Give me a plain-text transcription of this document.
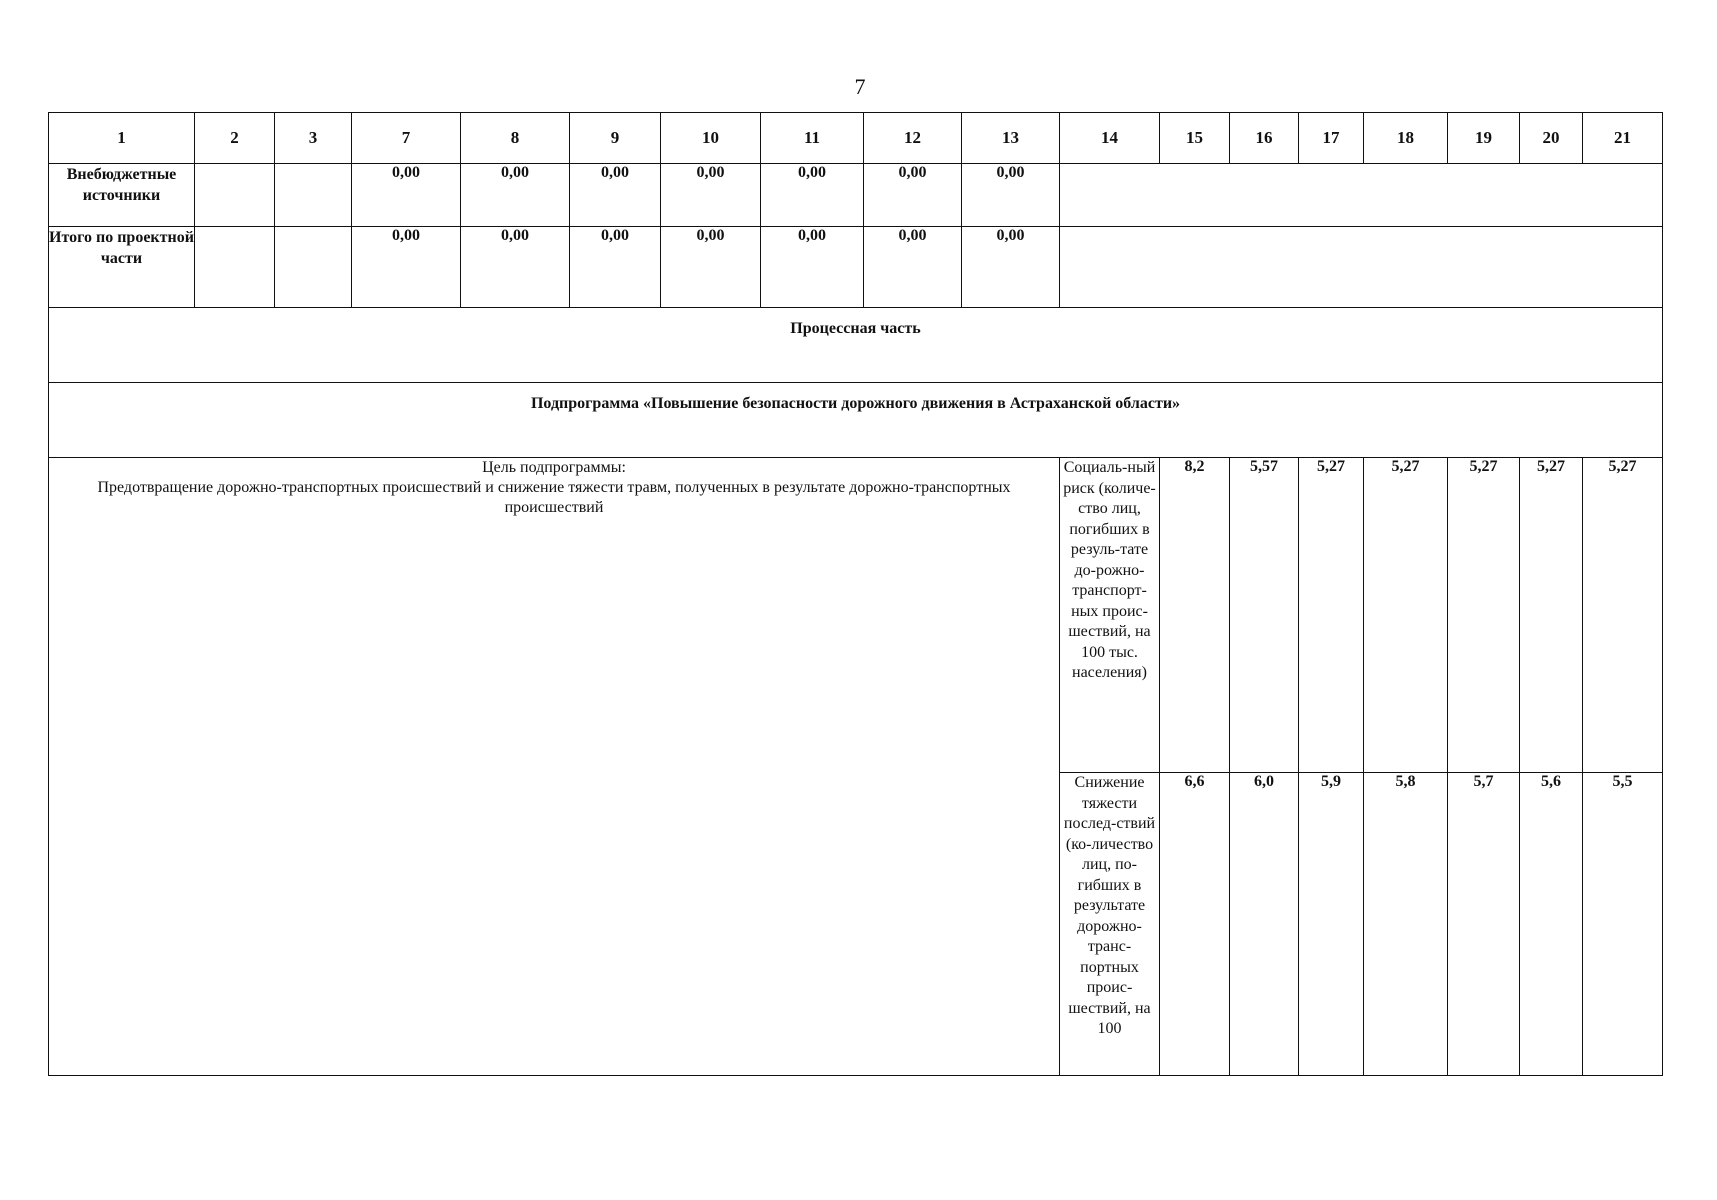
7
1	2	3	7	8	9	10	11	12	13	14	15	16	17	18	19	20	21
Внебюджетные источники			0,00	0,00	0,00	0,00	0,00	0,00	0,00								
Итого по проектной части			0,00	0,00	0,00	0,00	0,00	0,00	0,00								
Процессная часть																	
Подпрограмма «Повышение безопасности дорожного движения в Астраханской области»																	

Цель подпрограммы:
Предотвращение дорожно-транспортных происшествий и снижение тяжести травм, полученных в результате дорожно-транспортных происшествий										Социаль-ный риск (количе-ство лиц, погибших в резуль-тате до-рожно-транспорт-ных проис-шествий, на 100 тыс. населения)	8,2	5,57	5,27	5,27	5,27	5,27	5,27
										Снижение тяжести послед-ствий (ко-личество лиц, по-гибших в результате дорожно-транс-портных проис-шествий, на 100	6,6	6,0	5,9	5,8	5,7	5,6	5,5
